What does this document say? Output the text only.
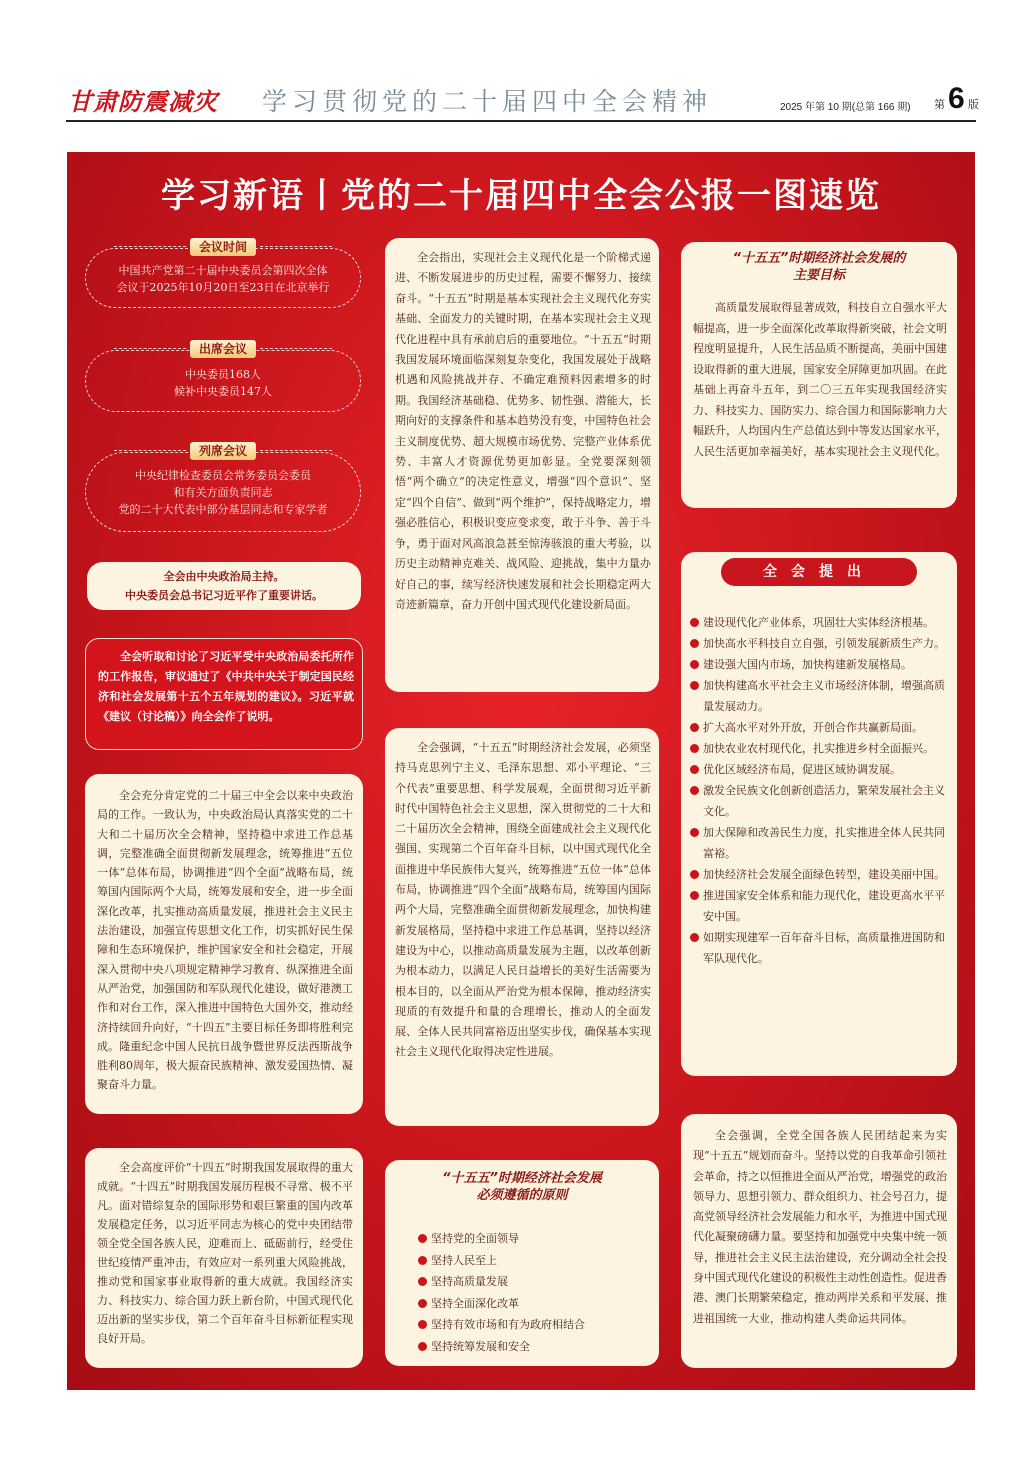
甘肃防震减灾 学习贯彻党的二十届四中全会精神	2025 年第 10 期(总第 166 期) 第 6 版
学习新语丨党的二十届四中全会公报一图速览
会议时间
中国共产党第二十届中央委员会第四次全体
会议于2025年10月20日至23日在北京举行
出席会议
中央委员168人
候补中央委员147人
列席会议
中央纪律检查委员会常务委员会委员
和有关方面负责同志
党的二十大代表中部分基层同志和专家学者
全会由中央政治局主持。
中央委员会总书记习近平作了重要讲话。
全会听取和讨论了习近平受中央政治局委托所作的工作报告，审议通过了《中共中央关于制定国民经济和社会发展第十五个五年规划的建议》。习近平就《建议（讨论稿）》向全会作了说明。
全会充分肯定党的二十届三中全会以来中央政治局的工作。一致认为，中央政治局认真落实党的二十大和二十届历次全会精神，坚持稳中求进工作总基调，完整准确全面贯彻新发展理念，统筹推进“五位一体”总体布局，协调推进“四个全面”战略布局，统筹国内国际两个大局，统筹发展和安全，进一步全面深化改革，扎实推动高质量发展，推进社会主义民主法治建设，加强宣传思想文化工作，切实抓好民生保障和生态环境保护，维护国家安全和社会稳定，开展深入贯彻中央八项规定精神学习教育、纵深推进全面从严治党，加强国防和军队现代化建设，做好港澳工作和对台工作，深入推进中国特色大国外交，推动经济持续回升向好，“十四五”主要目标任务即将胜利完成。隆重纪念中国人民抗日战争暨世界反法西斯战争胜利80周年，极大振奋民族精神、激发爱国热情、凝聚奋斗力量。
全会高度评价“十四五”时期我国发展取得的重大成就。“十四五”时期我国发展历程极不寻常、极不平凡。面对错综复杂的国际形势和艰巨繁重的国内改革发展稳定任务，以习近平同志为核心的党中央团结带领全党全国各族人民，迎难而上、砥砺前行，经受住世纪疫情严重冲击，有效应对一系列重大风险挑战，推动党和国家事业取得新的重大成就。我国经济实力、科技实力、综合国力跃上新台阶，中国式现代化迈出新的坚实步伐，第二个百年奋斗目标新征程实现良好开局。
全会指出，实现社会主义现代化是一个阶梯式递进、不断发展进步的历史过程，需要不懈努力、接续奋斗。“十五五”时期是基本实现社会主义现代化夯实基础、全面发力的关键时期，在基本实现社会主义现代化进程中具有承前启后的重要地位。“十五五”时期我国发展环境面临深刻复杂变化，我国发展处于战略机遇和风险挑战并存、不确定难预料因素增多的时期。我国经济基础稳、优势多、韧性强、潜能大，长期向好的支撑条件和基本趋势没有变，中国特色社会主义制度优势、超大规模市场优势、完整产业体系优势、丰富人才资源优势更加彰显。全党要深刻领悟“两个确立”的决定性意义，增强“四个意识”、坚定“四个自信”、做到“两个维护”，保持战略定力，增强必胜信心，积极识变应变求变，敢于斗争、善于斗争，勇于面对风高浪急甚至惊涛骇浪的重大考验，以历史主动精神克难关、战风险、迎挑战，集中力量办好自己的事，续写经济快速发展和社会长期稳定两大奇迹新篇章，奋力开创中国式现代化建设新局面。
全会强调，“十五五”时期经济社会发展，必须坚持马克思列宁主义、毛泽东思想、邓小平理论、“三个代表”重要思想、科学发展观，全面贯彻习近平新时代中国特色社会主义思想，深入贯彻党的二十大和二十届历次全会精神，围绕全面建成社会主义现代化强国、实现第二个百年奋斗目标，以中国式现代化全面推进中华民族伟大复兴，统筹推进“五位一体”总体布局，协调推进“四个全面”战略布局，统筹国内国际两个大局，完整准确全面贯彻新发展理念，加快构建新发展格局，坚持稳中求进工作总基调，坚持以经济建设为中心，以推动高质量发展为主题，以改革创新为根本动力，以满足人民日益增长的美好生活需要为根本目的，以全面从严治党为根本保障，推动经济实现质的有效提升和量的合理增长，推动人的全面发展、全体人民共同富裕迈出坚实步伐，确保基本实现社会主义现代化取得决定性进展。
“十五五”时期经济社会发展
必须遵循的原则
坚持党的全面领导
坚持人民至上
坚持高质量发展
坚持全面深化改革
坚持有效市场和有为政府相结合
坚持统筹发展和安全
“十五五”时期经济社会发展的
主要目标
高质量发展取得显著成效，科技自立自强水平大幅提高，进一步全面深化改革取得新突破，社会文明程度明显提升，人民生活品质不断提高，美丽中国建设取得新的重大进展，国家安全屏障更加巩固。在此基础上再奋斗五年，到二〇三五年实现我国经济实力、科技实力、国防实力、综合国力和国际影响力大幅跃升，人均国内生产总值达到中等发达国家水平，人民生活更加幸福美好，基本实现社会主义现代化。
全会提出
建设现代化产业体系，巩固壮大实体经济根基。
加快高水平科技自立自强，引领发展新质生产力。
建设强大国内市场，加快构建新发展格局。
加快构建高水平社会主义市场经济体制，增强高质量发展动力。
扩大高水平对外开放，开创合作共赢新局面。
加快农业农村现代化，扎实推进乡村全面振兴。
优化区域经济布局，促进区域协调发展。
激发全民族文化创新创造活力，繁荣发展社会主义文化。
加大保障和改善民生力度，扎实推进全体人民共同富裕。
加快经济社会发展全面绿色转型，建设美丽中国。
推进国家安全体系和能力现代化，建设更高水平平安中国。
如期实现建军一百年奋斗目标，高质量推进国防和军队现代化。
全会强调，全党全国各族人民团结起来为实现“十五五”规划而奋斗。坚持以党的自我革命引领社会革命，持之以恒推进全面从严治党，增强党的政治领导力、思想引领力、群众组织力、社会号召力，提高党领导经济社会发展能力和水平，为推进中国式现代化凝聚磅礴力量。要坚持和加强党中央集中统一领导，推进社会主义民主法治建设，充分调动全社会投身中国式现代化建设的积极性主动性创造性。促进香港、澳门长期繁荣稳定，推动两岸关系和平发展、推进祖国统一大业，推动构建人类命运共同体。
